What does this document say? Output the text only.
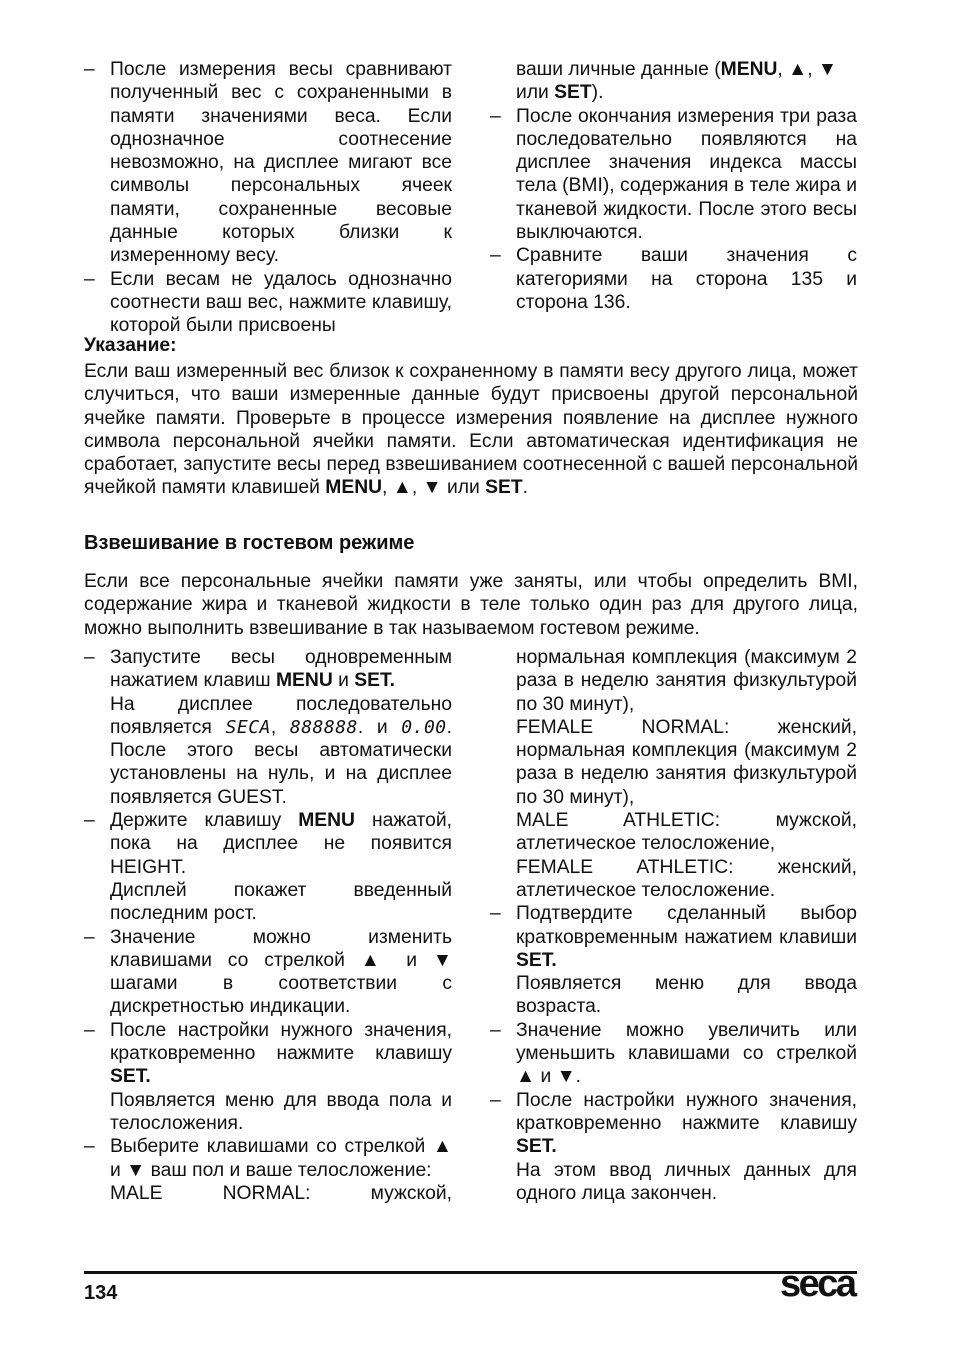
– После измерения весы сравнивают полученный вес с сохраненными в памяти значениями веса. Если однозначное соотнесение невозможно, на дисплее мигают все символы персональных ячеек памяти, сохраненные весовые данные которых близки к измеренному весу.
– Если весам не удалось однозначно соотнести ваш вес, нажмите клавишу, которой были присвоены
ваши личные данные (MENU, ▲, ▼
или SET).
– После окончания измерения три раза последовательно появляются на дисплее значения индекса массы тела (BMI), содержания в теле жира и тканевой жидкости. После этого весы выключаются.
– Сравните ваши значения с категориями на сторона 135 и сторона 136.
Указание:
Если ваш измеренный вес близок к сохраненному в памяти весу другого лица, может случиться, что ваши измеренные данные будут присвоены другой персональной ячейке памяти. Проверьте в процессе измерения появление на дисплее нужного символа персональной ячейки памяти. Если автоматическая идентификация не сработает, запустите весы перед взвешиванием соотнесенной с вашей персональной ячейкой памяти клавишей MENU, ▲, ▼ или SET.
Взвешивание в гостевом режиме
Если все персональные ячейки памяти уже заняты, или чтобы определить BMI, содержание жира и тканевой жидкости в теле только один раз для другого лица, можно выполнить взвешивание в так называемом гостевом режиме.
– Запустите весы одновременным нажатием клавиш MENU и SET.
На дисплее последовательно появляется SECA, 888888. и 0.00. После этого весы автоматически установлены на нуль, и на дисплее появляется GUEST.
– Держите клавишу MENU нажатой, пока на дисплее не появится HEIGHT.
Дисплей покажет введенный последним рост.
– Значение можно изменить клавишами со стрелкой ▲ и ▼ шагами в соответствии с дискретностью индикации.
– После настройки нужного значения, кратковременно нажмите клавишу SET.
Появляется меню для ввода пола и телосложения.
– Выберите клавишами со стрелкой ▲ и ▼ ваш пол и ваше телосложение:
MALE NORMAL: мужской,
нормальная комплекция (максимум 2 раза в неделю занятия физкультурой по 30 минут),
FEMALE NORMAL: женский, нормальная комплекция (максимум 2 раза в неделю занятия физкультурой по 30 минут),
MALE ATHLETIC: мужской, атлетическое телосложение,
FEMALE ATHLETIC: женский, атлетическое телосложение.
– Подтвердите сделанный выбор кратковременным нажатием клавиши SET.
Появляется меню для ввода возраста.
– Значение можно увеличить или уменьшить клавишами со стрелкой ▲ и ▼.
– После настройки нужного значения, кратковременно нажмите клавишу SET.
На этом ввод личных данных для одного лица закончен.
134	seca
